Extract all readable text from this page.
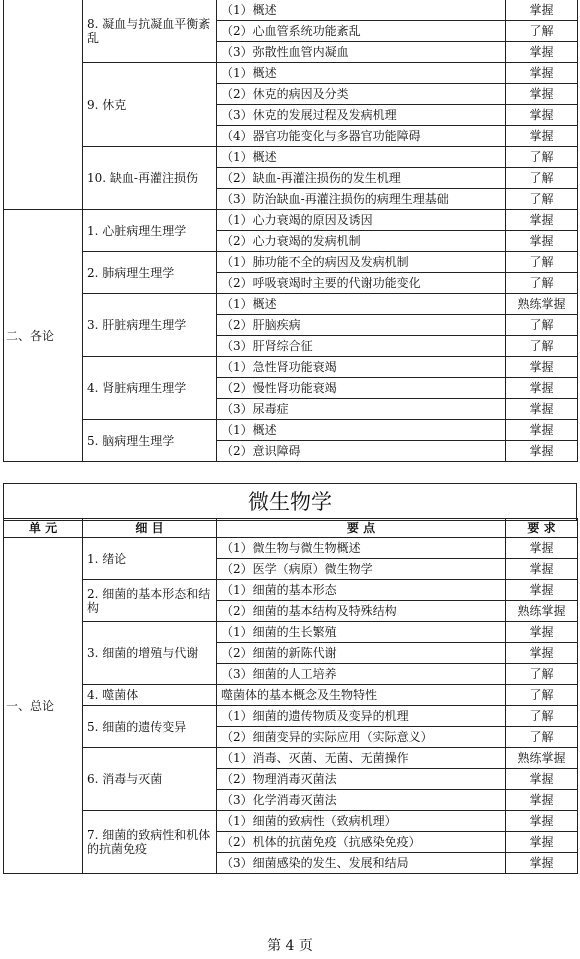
	8. 凝血与抗凝血平衡紊乱	（1）概述	掌握
		（2）心血管系统功能紊乱	了解
		（3）弥散性血管内凝血	掌握
	9. 休克	（1）概述	掌握
		（2）休克的病因及分类	掌握
		（3）休克的发展过程及发病机理	掌握
		（4）器官功能变化与多器官功能障碍	掌握
	10. 缺血-再灌注损伤	（1）概述	了解
		（2）缺血-再灌注损伤的发生机理	了解
		（3）防治缺血-再灌注损伤的病理生理基础	了解
二、各论	1. 心脏病理生理学	（1）心力衰竭的原因及诱因	掌握
		（2）心力衰竭的发病机制	掌握
	2. 肺病理生理学	（1）肺功能不全的病因及发病机制	了解
		（2）呼吸衰竭时主要的代谢功能变化	了解
	3. 肝脏病理生理学	（1）概述	熟练掌握
		（2）肝脑疾病	了解
		（3）肝肾综合征	了解
	4. 肾脏病理生理学	（1）急性肾功能衰竭	掌握
		（2）慢性肾功能衰竭	掌握
		（3）尿毒症	掌握
	5. 脑病理生理学	（1）概述	掌握
		（2）意识障碍	掌握
微生物学
单 元	细 目	要 点	要 求
一、总论	1. 绪论	（1）微生物与微生物概述	掌握
		（2）医学（病原）微生物学	掌握
	2. 细菌的基本形态和结构	（1）细菌的基本形态	掌握
		（2）细菌的基本结构及特殊结构	熟练掌握
	3. 细菌的增殖与代谢	（1）细菌的生长繁殖	掌握
		（2）细菌的新陈代谢	掌握
		（3）细菌的人工培养	了解
	4. 噬菌体	噬菌体的基本概念及生物特性	了解
	5. 细菌的遗传变异	（1）细菌的遗传物质及变异的机理	了解
		（2）细菌变异的实际应用（实际意义）	了解
	6. 消毒与灭菌	（1）消毒、灭菌、无菌、无菌操作	熟练掌握
		（2）物理消毒灭菌法	掌握
		（3）化学消毒灭菌法	掌握
	7. 细菌的致病性和机体的抗菌免疫	（1）细菌的致病性（致病机理）	掌握
		（2）机体的抗菌免疫（抗感染免疫）	掌握
		（3）细菌感染的发生、发展和结局	掌握
第 4 页
